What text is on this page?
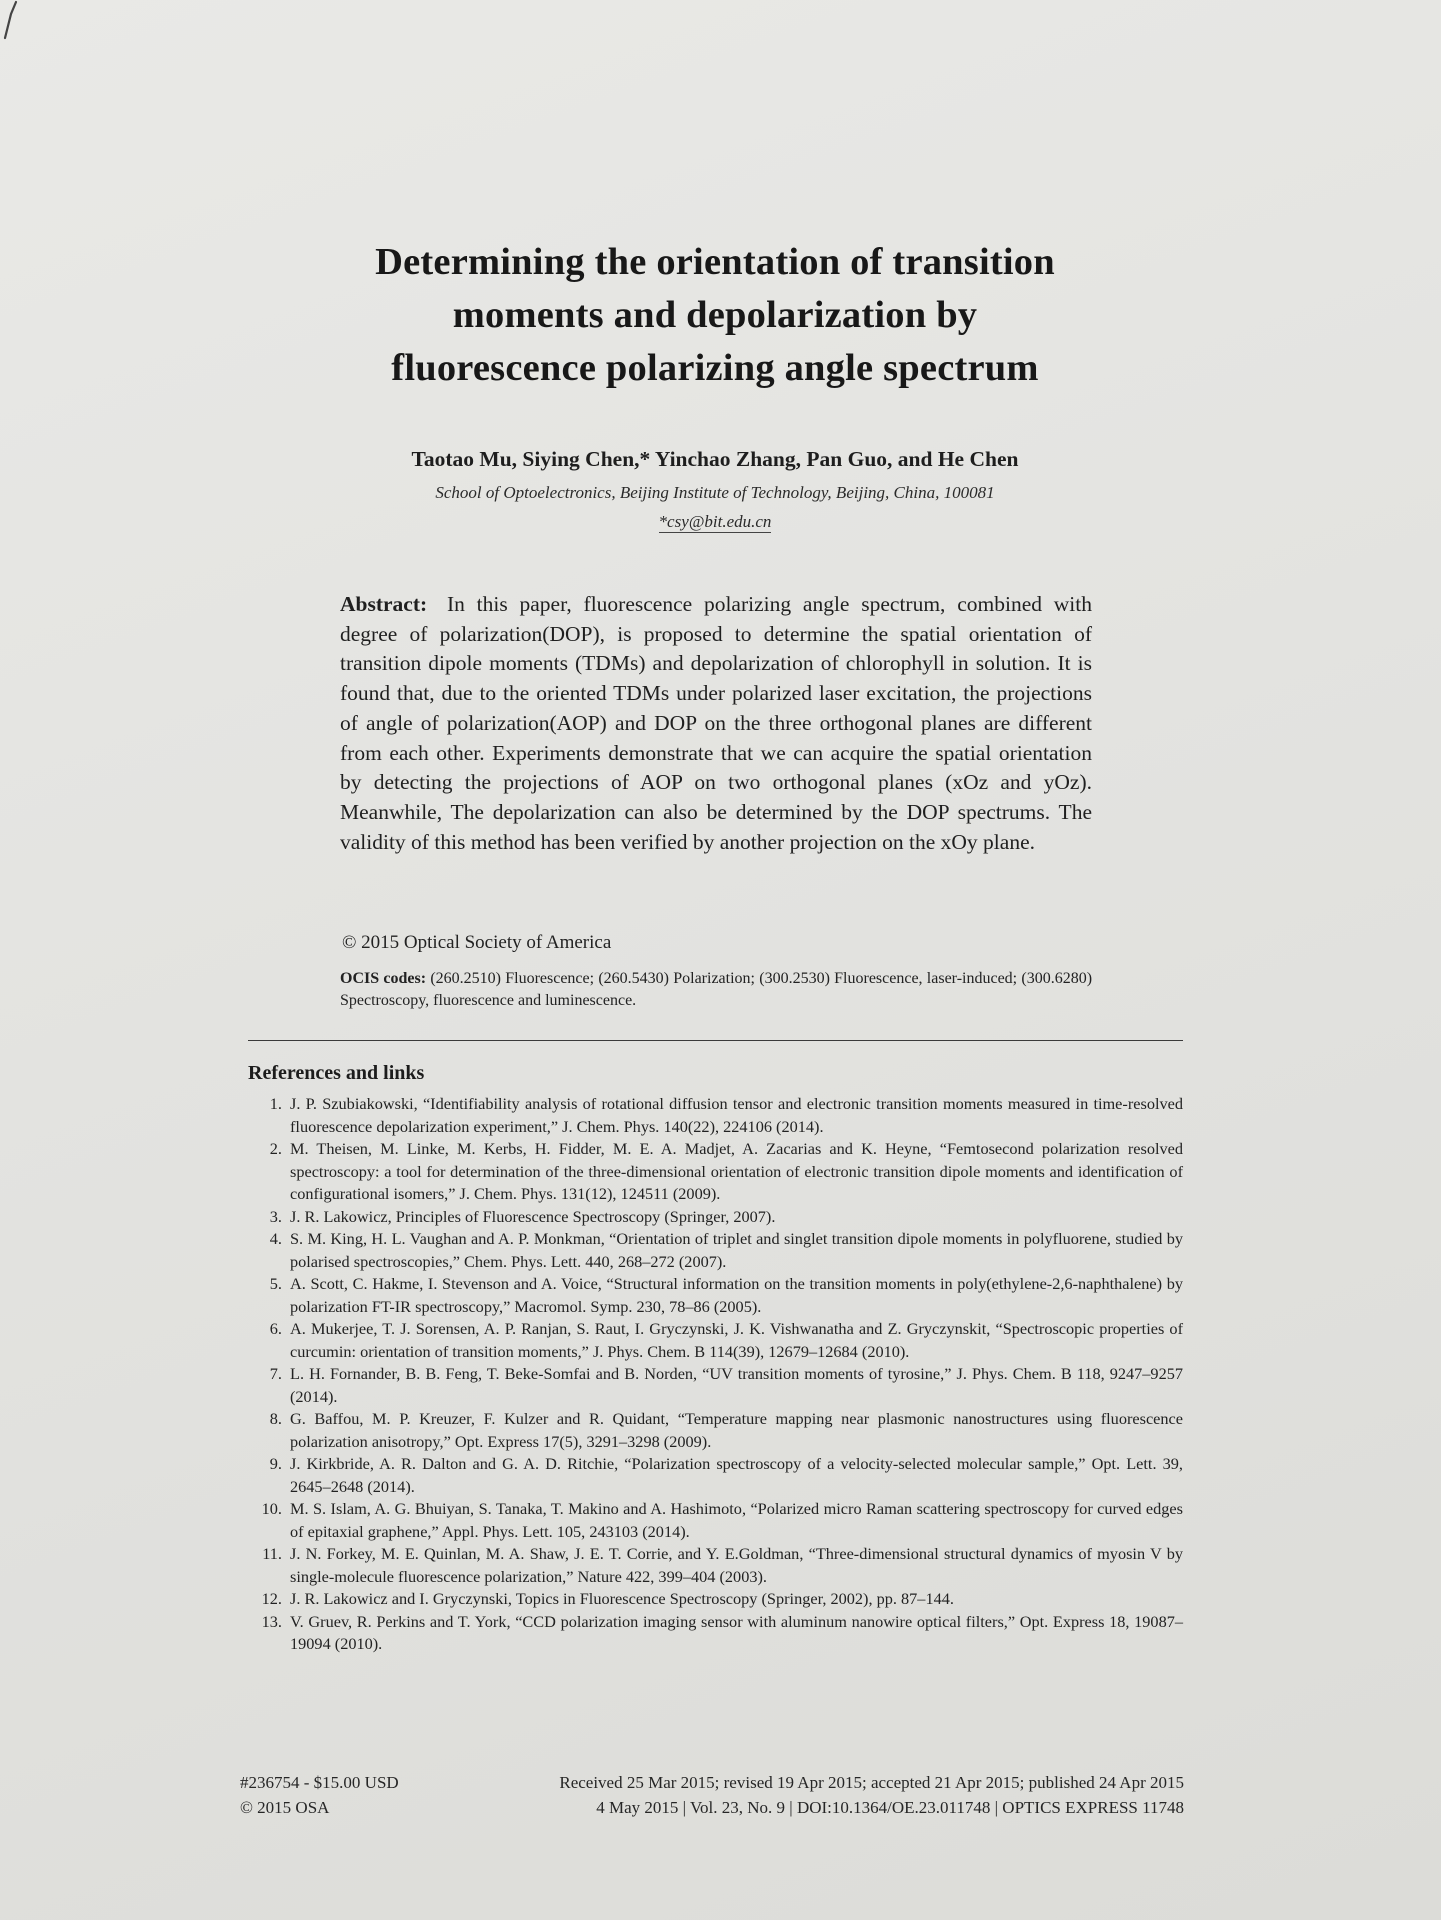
Determining the orientation of transition
moments and depolarization by
fluorescence polarizing angle spectrum
Taotao Mu, Siying Chen,* Yinchao Zhang, Pan Guo, and He Chen
School of Optoelectronics, Beijing Institute of Technology, Beijing, China, 100081
*csy@bit.edu.cn
Abstract: In this paper, fluorescence polarizing angle spectrum, combined with degree of polarization(DOP), is proposed to determine the spatial orientation of transition dipole moments (TDMs) and depolarization of chlorophyll in solution. It is found that, due to the oriented TDMs under polarized laser excitation, the projections of angle of polarization(AOP) and DOP on the three orthogonal planes are different from each other. Experiments demonstrate that we can acquire the spatial orientation by detecting the projections of AOP on two orthogonal planes (xOz and yOz). Meanwhile, The depolarization can also be determined by the DOP spectrums. The validity of this method has been verified by another projection on the xOy plane.
© 2015 Optical Society of America
OCIS codes: (260.2510) Fluorescence; (260.5430) Polarization; (300.2530) Fluorescence, laser-induced; (300.6280) Spectroscopy, fluorescence and luminescence.
References and links
1. J. P. Szubiakowski, “Identifiability analysis of rotational diffusion tensor and electronic transition moments measured in time-resolved fluorescence depolarization experiment,” J. Chem. Phys. 140(22), 224106 (2014).
2. M. Theisen, M. Linke, M. Kerbs, H. Fidder, M. E. A. Madjet, A. Zacarias and K. Heyne, “Femtosecond polarization resolved spectroscopy: a tool for determination of the three-dimensional orientation of electronic transition dipole moments and identification of configurational isomers,” J. Chem. Phys. 131(12), 124511 (2009).
3. J. R. Lakowicz, Principles of Fluorescence Spectroscopy (Springer, 2007).
4. S. M. King, H. L. Vaughan and A. P. Monkman, “Orientation of triplet and singlet transition dipole moments in polyfluorene, studied by polarised spectroscopies,” Chem. Phys. Lett. 440, 268–272 (2007).
5. A. Scott, C. Hakme, I. Stevenson and A. Voice, “Structural information on the transition moments in poly(ethylene-2,6-naphthalene) by polarization FT-IR spectroscopy,” Macromol. Symp. 230, 78–86 (2005).
6. A. Mukerjee, T. J. Sorensen, A. P. Ranjan, S. Raut, I. Gryczynski, J. K. Vishwanatha and Z. Gryczynskit, “Spectroscopic properties of curcumin: orientation of transition moments,” J. Phys. Chem. B 114(39), 12679–12684 (2010).
7. L. H. Fornander, B. B. Feng, T. Beke-Somfai and B. Norden, “UV transition moments of tyrosine,” J. Phys. Chem. B 118, 9247–9257 (2014).
8. G. Baffou, M. P. Kreuzer, F. Kulzer and R. Quidant, “Temperature mapping near plasmonic nanostructures using fluorescence polarization anisotropy,” Opt. Express 17(5), 3291–3298 (2009).
9. J. Kirkbride, A. R. Dalton and G. A. D. Ritchie, “Polarization spectroscopy of a velocity-selected molecular sample,” Opt. Lett. 39, 2645–2648 (2014).
10. M. S. Islam, A. G. Bhuiyan, S. Tanaka, T. Makino and A. Hashimoto, “Polarized micro Raman scattering spectroscopy for curved edges of epitaxial graphene,” Appl. Phys. Lett. 105, 243103 (2014).
11. J. N. Forkey, M. E. Quinlan, M. A. Shaw, J. E. T. Corrie, and Y. E.Goldman, “Three-dimensional structural dynamics of myosin V by single-molecule fluorescence polarization,” Nature 422, 399–404 (2003).
12. J. R. Lakowicz and I. Gryczynski, Topics in Fluorescence Spectroscopy (Springer, 2002), pp. 87–144.
13. V. Gruev, R. Perkins and T. York, “CCD polarization imaging sensor with aluminum nanowire optical filters,” Opt. Express 18, 19087–19094 (2010).
#236754 - $15.00 USD	Received 25 Mar 2015; revised 19 Apr 2015; accepted 21 Apr 2015; published 24 Apr 2015
© 2015 OSA	4 May 2015 | Vol. 23, No. 9 | DOI:10.1364/OE.23.011748 | OPTICS EXPRESS 11748
